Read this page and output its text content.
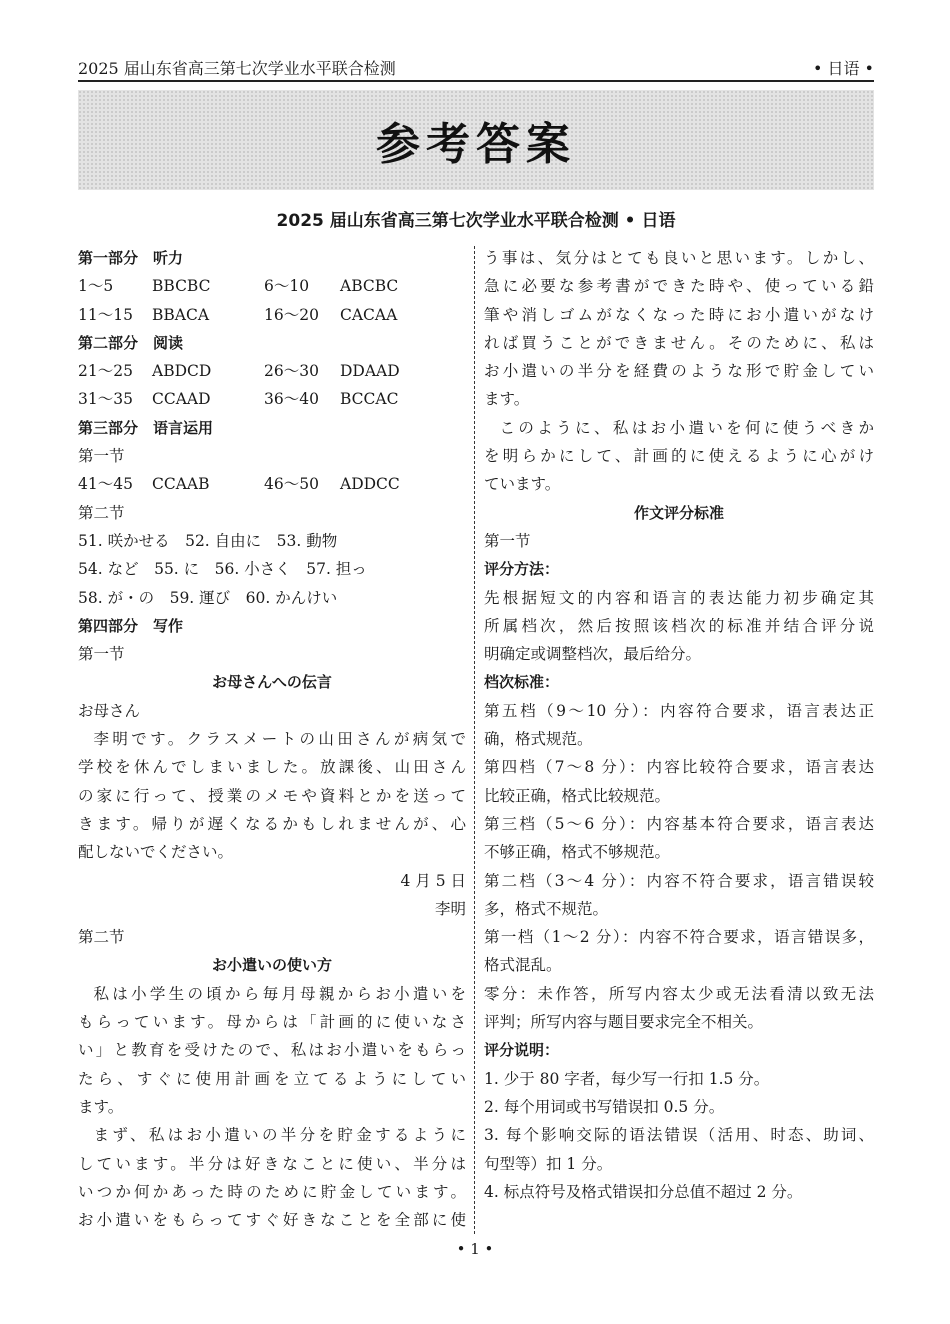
2025 届山东省高三第七次学业水平联合检测	• 日语 •
参考答案
2025 届山东省高三第七次学业水平联合检测 • 日语
第一部分　听力
1～5	BBCBC	6～10 ABCBC
11～15 BBACA	16～20 CACAA
第二部分　阅读
21～25 ABDCD	26～30 DDAAD
31～35 CCAAD	36～40 BCCAC
第三部分　语言运用
第一节
41～45 CCAAB	46～50 ADDCC
第二节
51. 咲かせる　52. 自由に　53. 動物
54. など　55. に　56. 小さく　57. 担っ
58. が・の　59. 運び　60. かんけい
第四部分　写作
第一节
お母さんへの伝言
お母さん
李明です。クラスメートの山田さんが病気で
学校を休んでしまいました。放課後、山田さん
の家に行って、授業のメモや資料とかを送って
きます。帰りが遅くなるかもしれませんが、心
配しないでください。
4 月 5 日
李明
第二节
お小遣いの使い方
私は小学生の頃から毎月母親からお小遣いを
もらっています。母からは「計画的に使いなさ
い」と教育を受けたので、私はお小遣いをもらっ
たら、すぐに使用計画を立てるようにしてい
ます。
まず、私はお小遣いの半分を貯金するように
しています。半分は好きなことに使い、半分は
いつか何かあった時のために貯金しています。
お小遣いをもらってすぐ好きなことを全部に使
う事は、気分はとても良いと思います。しかし、
急に必要な参考書ができた時や、使っている鉛
筆や消しゴムがなくなった時にお小遣いがなけ
れば買うことができません。そのために、私は
お小遣いの半分を経費のような形で貯金してい
ます。
このように、私はお小遣いを何に使うべきか
を明らかにして、計画的に使えるように心がけ
ています。
作文评分标准
第一节
评分方法：
先根据短文的内容和语言的表达能力初步确定其
所属档次，然后按照该档次的标准并结合评分说
明确定或调整档次，最后给分。
档次标准：
第五档（9～10 分）：内容符合要求，语言表达正
确，格式规范。
第四档（7～8 分）：内容比较符合要求，语言表达
比较正确，格式比较规范。
第三档（5～6 分）：内容基本符合要求，语言表达
不够正确，格式不够规范。
第二档（3～4 分）：内容不符合要求，语言错误较
多，格式不规范。
第一档（1～2 分）：内容不符合要求，语言错误多，
格式混乱。
零分：未作答，所写内容太少或无法看清以致无法
评判；所写内容与题目要求完全不相关。
评分说明：
1. 少于 80 字者，每少写一行扣 1.5 分。
2. 每个用词或书写错误扣 0.5 分。
3. 每个影响交际的语法错误（活用、时态、助词、
句型等）扣 1 分。
4. 标点符号及格式错误扣分总值不超过 2 分。
• 1 •
